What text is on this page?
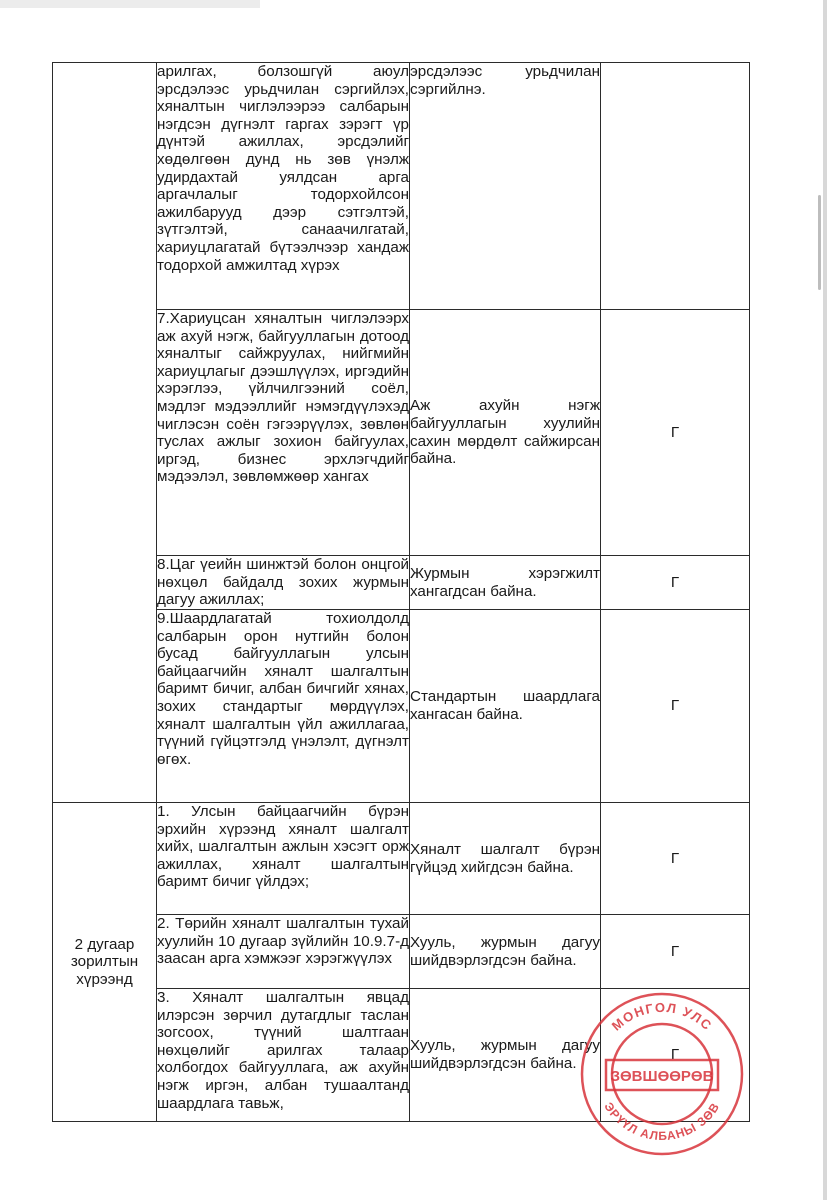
	арилгах, болзошгүй аюул эрсдэлээс урьдчилан сэргийлэх, хяналтын чиглэлээрээ салбарын нэгдсэн дүгнэлт гаргах зэрэгт үр дүнтэй ажиллах, эрсдэлийг хөдөлгөөн дунд нь зөв үнэлж удирдахтай уялдсан арга аргачлалыг тодорхойлсон ажилбарууд дээр сэтгэлтэй, зүтгэлтэй, санаачилгатай, хариуцлагатай бүтээлчээр хандаж тодорхой амжилтад хүрэх	эрсдэлээс урьдчилан сэргийлнэ.	
	7.Хариуцсан хяналтын чиглэлээрх аж ахуй нэгж, байгууллагын дотоод хяналтыг сайжруулах, нийгмийн хариуцлагыг дээшлүүлэх, иргэдийн хэрэглээ, үйлчилгээний соёл, мэдлэг мэдээллийг нэмэгдүүлэхэд чиглэсэн соён гэгээрүүлэх, зөвлөн туслах ажлыг зохион байгуулах, иргэд, бизнес эрхлэгчдийг мэдээлэл, зөвлөмжөөр хангах	Аж ахуйн нэгж байгууллагын хуулийн сахин мөрдөлт сайжирсан байна.	Г
	8.Цаг үеийн шинжтэй болон онцгой нөхцөл байдалд зохих журмын дагуу ажиллах;	Журмын хэрэгжилт хангагдсан байна.	Г
	9.Шаардлагатай тохиолдолд салбарын орон нутгийн болон бусад байгууллагын улсын байцаагчийн хяналт шалгалтын баримт бичиг, албан бичгийг хянах, зохих стандартыг мөрдүүлэх, хяналт шалгалтын үйл ажиллагаа, түүний гүйцэтгэлд үнэлэлт, дүгнэлт өгөх.	Стандартын шаардлага хангасан байна.	Г
2 дугаар зорилтын хүрээнд	1. Улсын байцаагчийн бүрэн эрхийн хүрээнд хяналт шалгалт хийх, шалгалтын ажлын хэсэгт орж ажиллах, хяналт шалгалтын баримт бичиг үйлдэх;	Хяналт шалгалт бүрэн гүйцэд хийгдсэн байна.	Г
	2. Төрийн хяналт шалгалтын тухай хуулийн 10 дугаар зүйлийн 10.9.7-д заасан арга хэмжээг хэрэгжүүлэх	Хууль, журмын дагуу шийдвэрлэгдсэн байна.	Г
	3. Хяналт шалгалтын явцад илэрсэн зөрчил дутагдлыг таслан зогсоох, түүний шалтгаан нөхцөлийг арилгах талаар холбогдох байгууллага, аж ахуйн нэгж иргэн, албан тушаалтанд шаардлага тавьж,	Хууль, журмын дагуу шийдвэрлэгдсэн байна.	Г
МОНГОЛ УЛС
ЗӨВШӨӨРӨВ
ЭРҮҮЛ АЛБАНЫ ЗӨВ
